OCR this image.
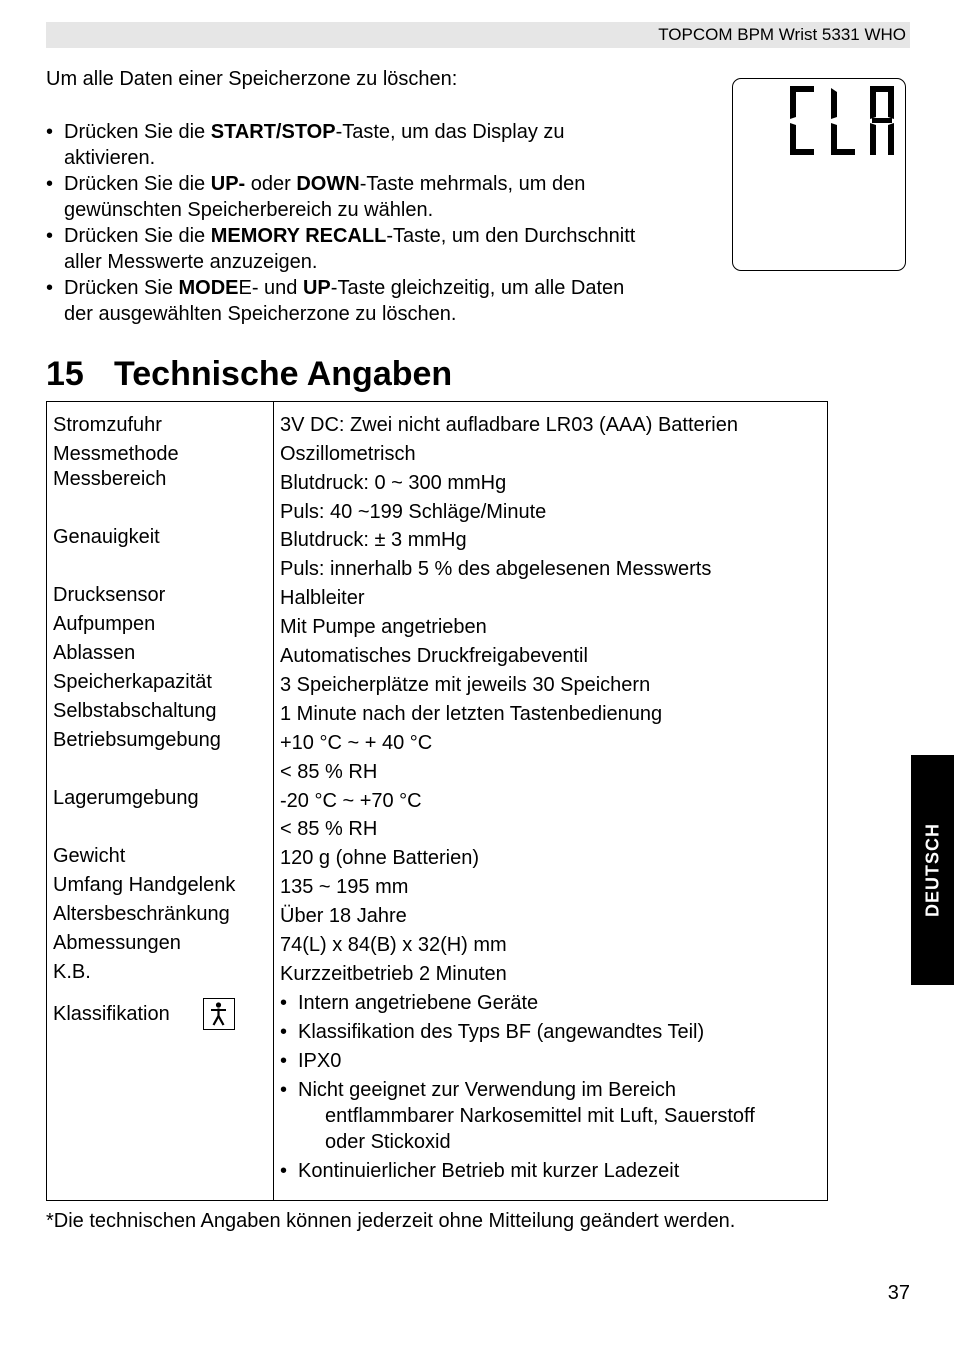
TOPCOM BPM Wrist 5331 WHO
Um alle Daten einer Speicherzone zu löschen:
• Drücken Sie die START/STOP-Taste, um das Display zu
aktivieren.
• Drücken Sie die UP- oder DOWN-Taste mehrmals, um den
gewünschten Speicherbereich zu wählen.
• Drücken Sie die MEMORY RECALL-Taste, um den Durchschnitt
aller Messwerte anzuzeigen.
• Drücken Sie MODEE- und UP-Taste gleichzeitig, um alle Daten
der ausgewählten Speicherzone zu löschen.
15 Technische Angaben
Stromzufuhr
Messmethode
Messbereich
Genauigkeit
Drucksensor
Aufpumpen
Ablassen
Speicherkapazität
Selbstabschaltung
Betriebsumgebung
Lagerumgebung
Gewicht
Umfang Handgelenk
Altersbeschränkung
Abmessungen
K.B.
Klassifikation
3V DC: Zwei nicht aufladbare LR03 (AAA) Batterien
Oszillometrisch
Blutdruck: 0 ~ 300 mmHg
Puls: 40 ~199 Schläge/Minute
Blutdruck: ± 3 mmHg
Puls: innerhalb 5 % des abgelesenen Messwerts
Halbleiter
Mit Pumpe angetrieben
Automatisches Druckfreigabeventil
3 Speicherplätze mit jeweils 30 Speichern
1 Minute nach der letzten Tastenbedienung
+10 °C ~ + 40 °C
< 85 % RH
-20 °C ~ +70 °C
< 85 % RH
120 g (ohne Batterien)
135 ~ 195 mm
Über 18 Jahre
74(L) x 84(B) x 32(H) mm
Kurzzeitbetrieb 2 Minuten
• Intern angetriebene Geräte
• Klassifikation des Typs BF (angewandtes Teil)
• IPX0
• Nicht geeignet zur Verwendung im Bereich
entflammbarer Narkosemittel mit Luft, Sauerstoff
oder Stickoxid
• Kontinuierlicher Betrieb mit kurzer Ladezeit
*Die technischen Angaben können jederzeit ohne Mitteilung geändert werden.
DEUTSCH
37
